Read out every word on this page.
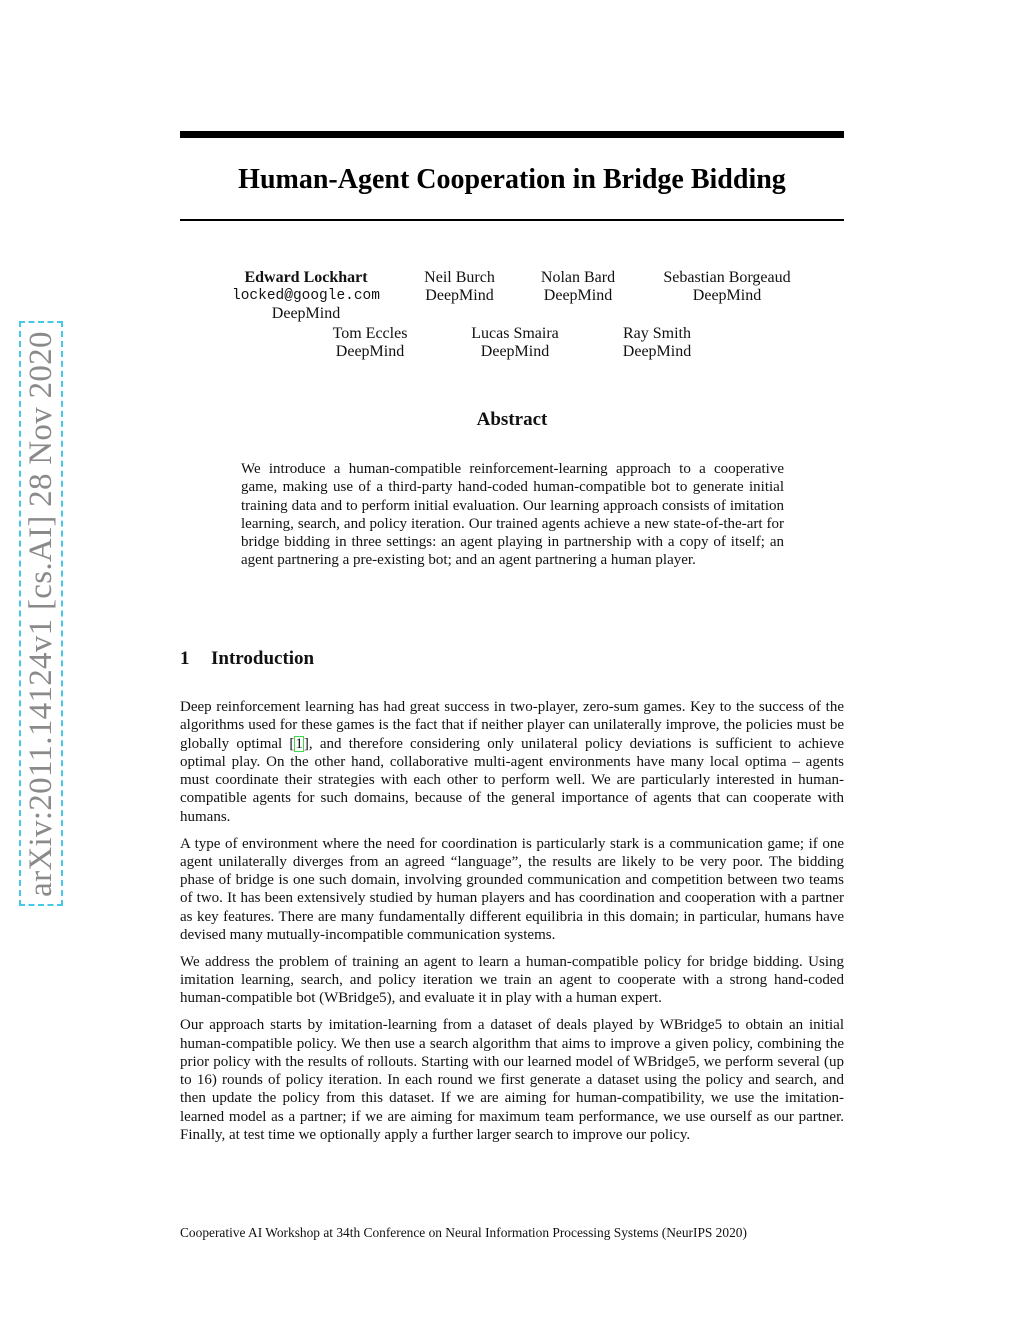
arXiv:2011.14124v1 [cs.AI] 28 Nov 2020
Human-Agent Cooperation in Bridge Bidding
Edward Lockhart
locked@google.com
DeepMind
Neil Burch
DeepMind
Nolan Bard
DeepMind
Sebastian Borgeaud
DeepMind
Tom Eccles
DeepMind
Lucas Smaira
DeepMind
Ray Smith
DeepMind
Abstract
We introduce a human-compatible reinforcement-learning approach to a cooperative game, making use of a third-party hand-coded human-compatible bot to generate initial training data and to perform initial evaluation. Our learning approach consists of imitation learning, search, and policy iteration. Our trained agents achieve a new state-of-the-art for bridge bidding in three settings: an agent playing in partnership with a copy of itself; an agent partnering a pre-existing bot; and an agent partnering a human player.
1 Introduction

Deep reinforcement learning has had great success in two-player, zero-sum games. Key to the success of the algorithms used for these games is the fact that if neither player can unilaterally improve, the policies must be globally optimal [1], and therefore considering only unilateral policy deviations is sufficient to achieve optimal play. On the other hand, collaborative multi-agent environments have many local optima – agents must coordinate their strategies with each other to perform well. We are particularly interested in human-compatible agents for such domains, because of the general importance of agents that can cooperate with humans.

A type of environment where the need for coordination is particularly stark is a communication game; if one agent unilaterally diverges from an agreed “language”, the results are likely to be very poor. The bidding phase of bridge is one such domain, involving grounded communication and competition between two teams of two. It has been extensively studied by human players and has coordination and cooperation with a partner as key features. There are many fundamentally different equilibria in this domain; in particular, humans have devised many mutually-incompatible communication systems.

We address the problem of training an agent to learn a human-compatible policy for bridge bidding. Using imitation learning, search, and policy iteration we train an agent to cooperate with a strong hand-coded human-compatible bot (WBridge5), and evaluate it in play with a human expert.

Our approach starts by imitation-learning from a dataset of deals played by WBridge5 to obtain an initial human-compatible policy. We then use a search algorithm that aims to improve a given policy, combining the prior policy with the results of rollouts. Starting with our learned model of WBridge5, we perform several (up to 16) rounds of policy iteration. In each round we first generate a dataset using the policy and search, and then update the policy from this dataset. If we are aiming for human-compatibility, we use the imitation-learned model as a partner; if we are aiming for maximum team performance, we use ourself as our partner. Finally, at test time we optionally apply a further larger search to improve our policy.

Cooperative AI Workshop at 34th Conference on Neural Information Processing Systems (NeurIPS 2020)
